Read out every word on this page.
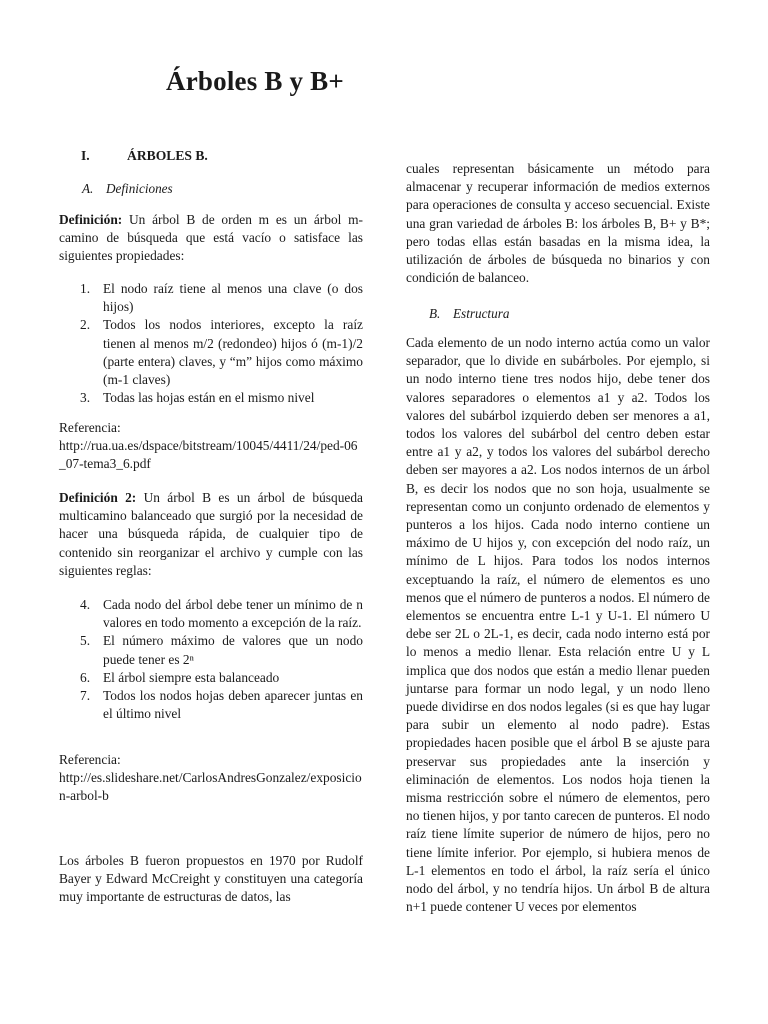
Árboles B y B+
I.	ÁRBOLES B.
A. Definiciones

Definición: Un árbol B de orden m es un árbol m-camino de búsqueda que está vacío o satisface las siguientes propiedades:

1. El nodo raíz tiene al menos una clave (o dos hijos)
2. Todos los nodos interiores, excepto la raíz tienen al menos m/2 (redondeo) hijos ó (m-1)/2 (parte entera) claves, y “m” hijos como máximo (m-1 claves)
3. Todas las hojas están en el mismo nivel
Referencia:
http://rua.ua.es/dspace/bitstream/10045/4411/24/ped-06_07-tema3_6.pdf

Definición 2: Un árbol B es un árbol de búsqueda multicamino balanceado que surgió por la necesidad de hacer una búsqueda rápida, de cualquier tipo de contenido sin reorganizar el archivo y cumple con las siguientes reglas:

4. Cada nodo del árbol debe tener un mínimo de n valores en todo momento a excepción de la raíz.
5. El número máximo de valores que un nodo puede tener es 2ⁿ
6. El árbol siempre esta balanceado
7. Todos los nodos hojas deben aparecer juntas en el último nivel
Referencia:
http://es.slideshare.net/CarlosAndresGonzalez/exposicion-arbol-b

Los árboles B fueron propuestos en 1970 por Rudolf Bayer y Edward McCreight y constituyen una categoría muy importante de estructuras de datos, las

cuales representan básicamente un método para almacenar y recuperar información de medios externos para operaciones de consulta y acceso secuencial. Existe una gran variedad de árboles B: los árboles B, B+ y B*; pero todas ellas están basadas en la misma idea, la utilización de árboles de búsqueda no binarios y con condición de balanceo.

B. Estructura

Cada elemento de un nodo interno actúa como un valor separador, que lo divide en subárboles. Por ejemplo, si un nodo interno tiene tres nodos hijo, debe tener dos valores separadores o elementos a1 y a2. Todos los valores del subárbol izquierdo deben ser menores a a1, todos los valores del subárbol del centro deben estar entre a1 y a2, y todos los valores del subárbol derecho deben ser mayores a a2. Los nodos internos de un árbol B, es decir los nodos que no son hoja, usualmente se representan como un conjunto ordenado de elementos y punteros a los hijos. Cada nodo interno contiene un máximo de U hijos y, con excepción del nodo raíz, un mínimo de L hijos. Para todos los nodos internos exceptuando la raíz, el número de elementos es uno menos que el número de punteros a nodos. El número de elementos se encuentra entre L-1 y U-1. El número U debe ser 2L o 2L-1, es decir, cada nodo interno está por lo menos a medio llenar. Esta relación entre U y L implica que dos nodos que están a medio llenar pueden juntarse para formar un nodo legal, y un nodo lleno puede dividirse en dos nodos legales (si es que hay lugar para subir un elemento al nodo padre). Estas propiedades hacen posible que el árbol B se ajuste para preservar sus propiedades ante la inserción y eliminación de elementos. Los nodos hoja tienen la misma restricción sobre el número de elementos, pero no tienen hijos, y por tanto carecen de punteros. El nodo raíz tiene límite superior de número de hijos, pero no tiene límite inferior. Por ejemplo, si hubiera menos de L-1 elementos en todo el árbol, la raíz sería el único nodo del árbol, y no tendría hijos. Un árbol B de altura n+1 puede contener U veces por elementos
